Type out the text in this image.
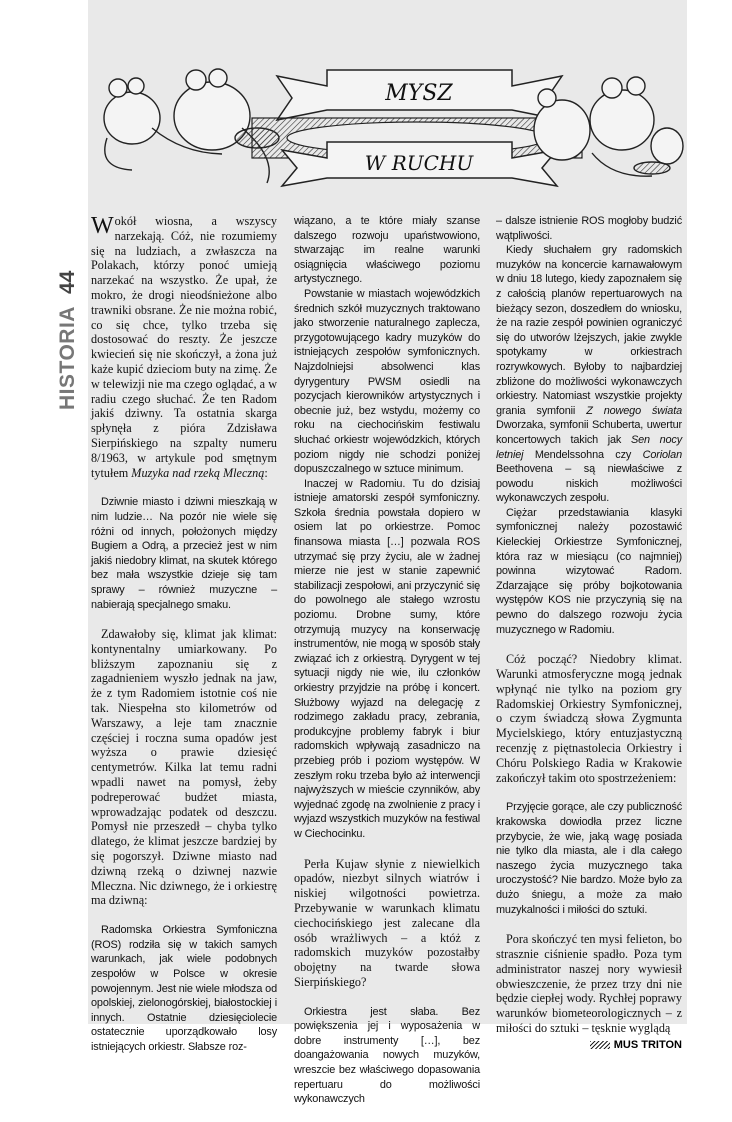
HISTORIA44
MYSZ
W RUCHU

Wokół wiosna, a wszyscy narzekają. Cóż, nie rozumiemy się na ludziach, a zwłaszcza na Polakach, którzy ponoć umieją narzekać na wszystko. Że upał, że mokro, że drogi nieodśnieżone albo trawniki obsrane. Że nie można robić, co się chce, tylko trzeba się dostosować do reszty. Że jeszcze kwiecień się nie skończył, a żona już każe kupić dzieciom buty na zimę. Że w telewizji nie ma czego oglądać, a w radiu czego słuchać. Że ten Radom jakiś dziwny. Ta ostatnia skarga spłynęła z pióra Zdzisława Sierpińskiego na szpalty numeru 8/1963, w artykule pod smętnym tytułem Muzyka nad rzeką Mleczną:

Dziwnie miasto i dziwni mieszkają w nim ludzie… Na pozór nie wiele się różni od innych, położonych między Bugiem a Odrą, a przecież jest w nim jakiś niedobry klimat, na skutek którego bez mała wszystkie dzieje się tam sprawy – również muzyczne – nabierają specjalnego smaku.

Zdawałoby się, klimat jak klimat: kontynentalny umiarkowany. Po bliższym zapoznaniu się z zagadnieniem wyszło jednak na jaw, że z tym Radomiem istotnie coś nie tak. Niespełna sto kilometrów od Warszawy, a leje tam znacznie częściej i roczna suma opadów jest wyższa o prawie dziesięć centymetrów. Kilka lat temu radni wpadli nawet na pomysł, żeby podreperować budżet miasta, wprowadzając podatek od deszczu. Pomysł nie przeszedł – chyba tylko dlatego, że klimat jeszcze bardziej by się pogorszył. Dziwne miasto nad dziwną rzeką o dziwnej nazwie Mleczna. Nic dziwnego, że i orkiestrę ma dziwną:

Radomska Orkiestra Symfoniczna (ROS) rodziła się w takich samych warunkach, jak wiele podobnych zespołów w Polsce w okresie powojennym. Jest nie wiele młodsza od opolskiej, zielonogórskiej, białostockiej i innych. Ostatnie dziesięciolecie ostatecznie uporządkowało losy istniejących orkiestr. Słabsze roz-

wiązano, a te które miały szanse dalszego rozwoju upaństwowiono, stwarzając im realne warunki osiągnięcia właściwego poziomu artystycznego.

Powstanie w miastach wojewódzkich średnich szkół muzycznych traktowano jako stworzenie naturalnego zaplecza, przygotowującego kadry muzyków do istniejących zespołów symfonicznych. Najzdolniejsi absolwenci klas dyrygentury PWSM osiedli na pozycjach kierowników artystycznych i obecnie już, bez wstydu, możemy co roku na ciechocińskim festiwalu słuchać orkiestr wojewódzkich, których poziom nigdy nie schodzi poniżej dopuszczalnego w sztuce minimum.

Inaczej w Radomiu. Tu do dzisiaj istnieje amatorski zespół symfoniczny. Szkoła średnia powstała dopiero w osiem lat po orkiestrze. Pomoc finansowa miasta […] pozwala ROS utrzymać się przy życiu, ale w żadnej mierze nie jest w stanie zapewnić stabilizacji zespołowi, ani przyczynić się do powolnego ale stałego wzrostu poziomu. Drobne sumy, które otrzymują muzycy na konserwację instrumentów, nie mogą w sposób stały związać ich z orkiestrą. Dyrygent w tej sytuacji nigdy nie wie, ilu członków orkiestry przyjdzie na próbę i koncert. Służbowy wyjazd na delegację z rodzimego zakładu pracy, zebrania, produkcyjne problemy fabryk i biur radomskich wpływają zasadniczo na przebieg prób i poziom występów. W zeszłym roku trzeba było aż interwencji najwyższych w mieście czynników, aby wyjednać zgodę na zwolnienie z pracy i wyjazd wszystkich muzyków na festiwal w Ciechocinku.

Perła Kujaw słynie z niewielkich opadów, niezbyt silnych wiatrów i niskiej wilgotności powietrza. Przebywanie w warunkach klimatu ciechocińskiego jest zalecane dla osób wrażliwych – a któż z radomskich muzyków pozostałby obojętny na twarde słowa Sierpińskiego?

Orkiestra jest słaba. Bez powiększenia jej i wyposażenia w dobre instrumenty […], bez doangażowania nowych muzyków, wreszcie bez właściwego dopasowania repertuaru do możliwości wykonawczych

– dalsze istnienie ROS mogłoby budzić wątpliwości.

Kiedy słuchałem gry radomskich muzyków na koncercie karnawałowym w dniu 18 lutego, kiedy zapoznałem się z całością planów repertuarowych na bieżący sezon, doszedłem do wniosku, że na razie zespół powinien ograniczyć się do utworów lżejszych, jakie zwykle spotykamy w orkiestrach rozrywkowych. Byłoby to najbardziej zbliżone do możliwości wykonawczych orkiestry. Natomiast wszystkie projekty grania symfonii Z nowego świata Dworzaka, symfonii Schuberta, uwertur koncertowych takich jak Sen nocy letniej Mendelssohna czy Coriolan Beethovena – są niewłaściwe z powodu niskich możliwości wykonawczych zespołu.

Ciężar przedstawiania klasyki symfonicznej należy pozostawić Kieleckiej Orkiestrze Symfonicznej, która raz w miesiącu (co najmniej) powinna wizytować Radom. Zdarzające się próby bojkotowania występów KOS nie przyczynią się na pewno do dalszego rozwoju życia muzycznego w Radomiu.

Cóż począć? Niedobry klimat. Warunki atmosferyczne mogą jednak wpłynąć nie tylko na poziom gry Radomskiej Orkiestry Symfonicznej, o czym świadczą słowa Zygmunta Mycielskiego, który entuzjastyczną recenzję z piętnastolecia Orkiestry i Chóru Polskiego Radia w Krakowie zakończył takim oto spostrzeżeniem:

Przyjęcie gorące, ale czy publiczność krakowska dowiodła przez liczne przybycie, że wie, jaką wagę posiada nie tylko dla miasta, ale i dla całego naszego życia muzycznego taka uroczystość? Nie bardzo. Może było za dużo śniegu, a może za mało muzykalności i miłości do sztuki.

Pora skończyć ten mysi felieton, bo strasznie ciśnienie spadło. Poza tym administrator naszej nory wywiesił obwieszczenie, że przez trzy dni nie będzie ciepłej wody. Rychłej poprawy warunków biometeorologicznych – z miłości do sztuki – tęsknie wyglądą

MUS TRITON
